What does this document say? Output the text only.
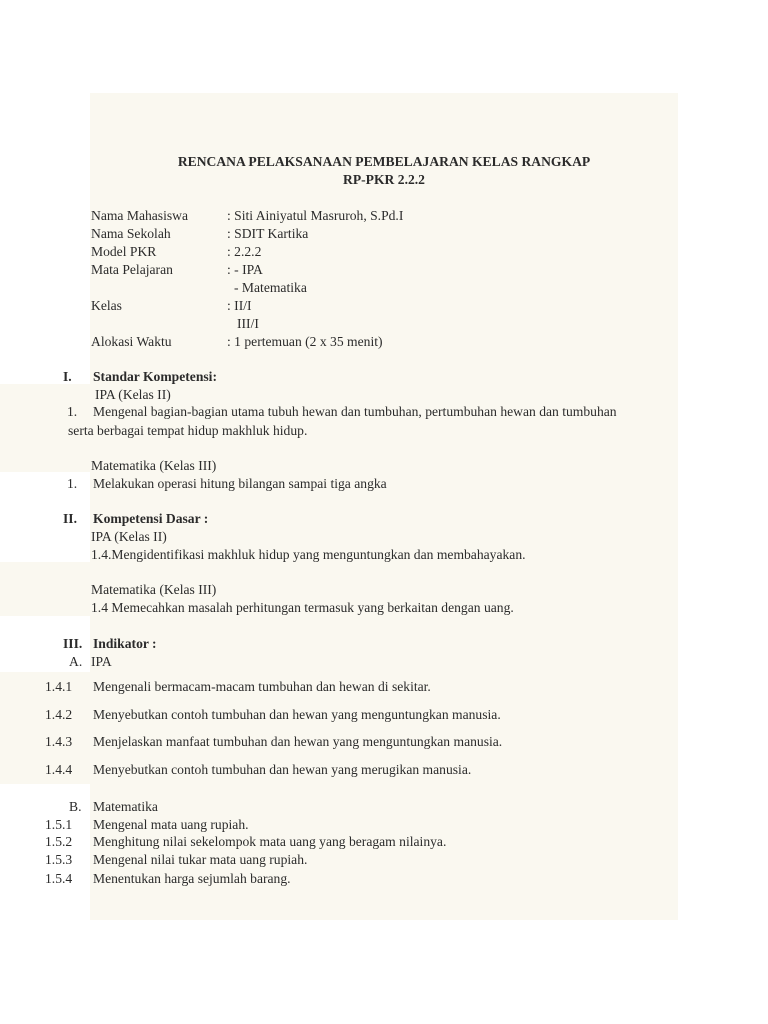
RENCANA PELAKSANAAN PEMBELAJARAN KELAS RANGKAP
RP-PKR 2.2.2
Nama Mahasiswa	: Siti Ainiyatul Masruroh, S.Pd.I
Nama Sekolah	: SDIT Kartika
Model PKR	: 2.2.2
Mata Pelajaran	: - IPA
- Matematika
Kelas	: II/I
III/I
Alokasi Waktu	: 1 pertemuan (2 x 35 menit)
I. Standar Kompetensi:
IPA (Kelas II)
1. Mengenal bagian-bagian utama tubuh hewan dan tumbuhan, pertumbuhan hewan dan tumbuhan
serta berbagai tempat hidup makhluk hidup.
Matematika (Kelas III)
1. Melakukan operasi hitung bilangan sampai tiga angka
II. Kompetensi Dasar :
IPA (Kelas II)
1.4.Mengidentifikasi makhluk hidup yang menguntungkan dan membahayakan.
Matematika (Kelas III)
1.4 Memecahkan masalah perhitungan termasuk yang berkaitan dengan uang.
III. Indikator :
A. IPA
1.4.1 Mengenali bermacam-macam tumbuhan dan hewan di sekitar.
1.4.2 Menyebutkan contoh tumbuhan dan hewan yang menguntungkan manusia.
1.4.3 Menjelaskan manfaat tumbuhan dan hewan yang menguntungkan manusia.
1.4.4 Menyebutkan contoh tumbuhan dan hewan yang merugikan manusia.
B. Matematika
1.5.1 Mengenal mata uang rupiah.
1.5.2 Menghitung nilai sekelompok mata uang yang beragam nilainya.
1.5.3 Mengenal nilai tukar mata uang rupiah.
1.5.4 Menentukan harga sejumlah barang.
